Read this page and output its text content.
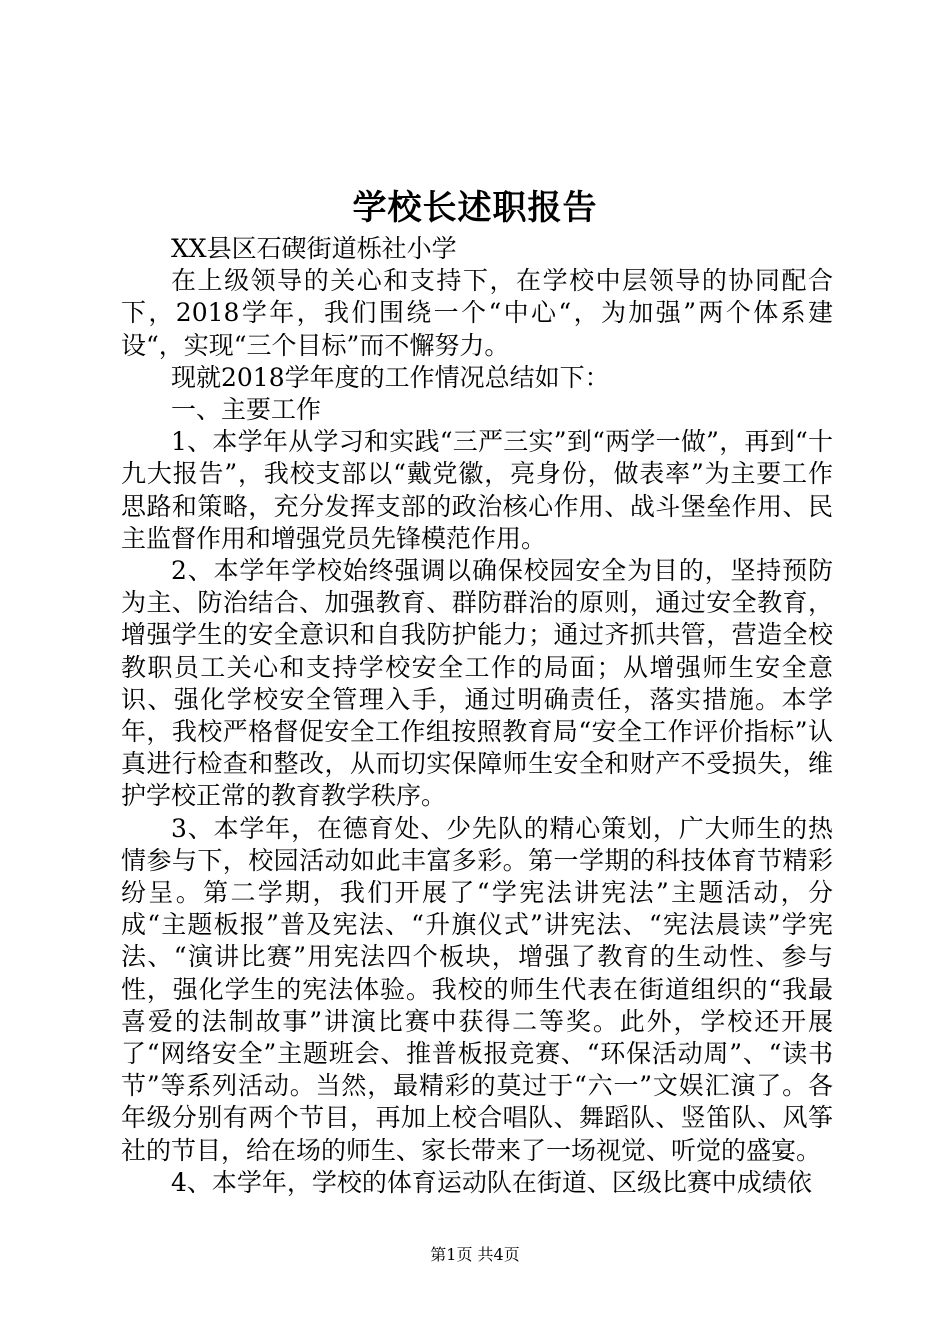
学校长述职报告

XX县区石碶街道栎社小学

在上级领导的关心和支持下，在学校中层领导的协同配合下，2018学年，我们围绕一个“中心“，为加强”两个体系建设“，实现“三个目标”而不懈努力。

现就2018学年度的工作情况总结如下：

一、主要工作

1、本学年从学习和实践“三严三实”到“两学一做”，再到“十九大报告”，我校支部以“戴党徽，亮身份，做表率”为主要工作思路和策略，充分发挥支部的政治核心作用、战斗堡垒作用、民主监督作用和增强党员先锋模范作用。

2、本学年学校始终强调以确保校园安全为目的，坚持预防为主、防治结合、加强教育、群防群治的原则，通过安全教育，增强学生的安全意识和自我防护能力；通过齐抓共管，营造全校教职员工关心和支持学校安全工作的局面；从增强师生安全意识、强化学校安全管理入手，通过明确责任，落实措施。本学年，我校严格督促安全工作组按照教育局“安全工作评价指标”认真进行检查和整改，从而切实保障师生安全和财产不受损失，维护学校正常的教育教学秩序。

3、本学年，在德育处、少先队的精心策划，广大师生的热情参与下，校园活动如此丰富多彩。第一学期的科技体育节精彩纷呈。第二学期，我们开展了“学宪法讲宪法”主题活动，分成“主题板报”普及宪法、“升旗仪式”讲宪法、“宪法晨读”学宪法、“演讲比赛”用宪法四个板块，增强了教育的生动性、参与性，强化学生的宪法体验。我校的师生代表在街道组织的“我最喜爱的法制故事”讲演比赛中获得二等奖。此外，学校还开展了“网络安全”主题班会、推普板报竞赛、“环保活动周”、“读书节”等系列活动。当然，最精彩的莫过于“六一”文娱汇演了。各年级分别有两个节目，再加上校合唱队、舞蹈队、竖笛队、风筝社的节目，给在场的师生、家长带来了一场视觉、听觉的盛宴。

4、本学年，学校的体育运动队在街道、区级比赛中成绩依

第1页 共4页
